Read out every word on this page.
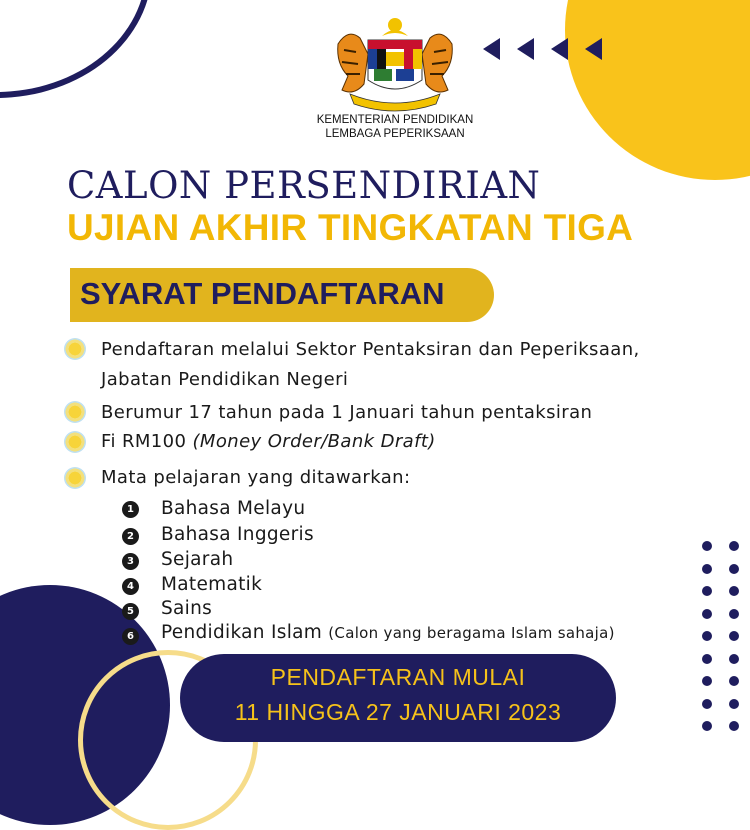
KEMENTERIAN PENDIDIKAN
LEMBAGA PEPERIKSAAN
CALON PERSENDIRIAN
UJIAN AKHIR TINGKATAN TIGA
SYARAT PENDAFTARAN
Pendaftaran melalui Sektor Pentaksiran dan Peperiksaan,
Jabatan Pendidikan Negeri
Berumur 17 tahun pada 1 Januari tahun pentaksiran
Fi RM100 (Money Order/Bank Draft)
Mata pelajaran yang ditawarkan:
1 Bahasa Melayu
2 Bahasa Inggeris
3 Sejarah
4 Matematik
5 Sains
6 Pendidikan Islam (Calon yang beragama Islam sahaja)
PENDAFTARAN MULAI
11 HINGGA 27 JANUARI 2023
